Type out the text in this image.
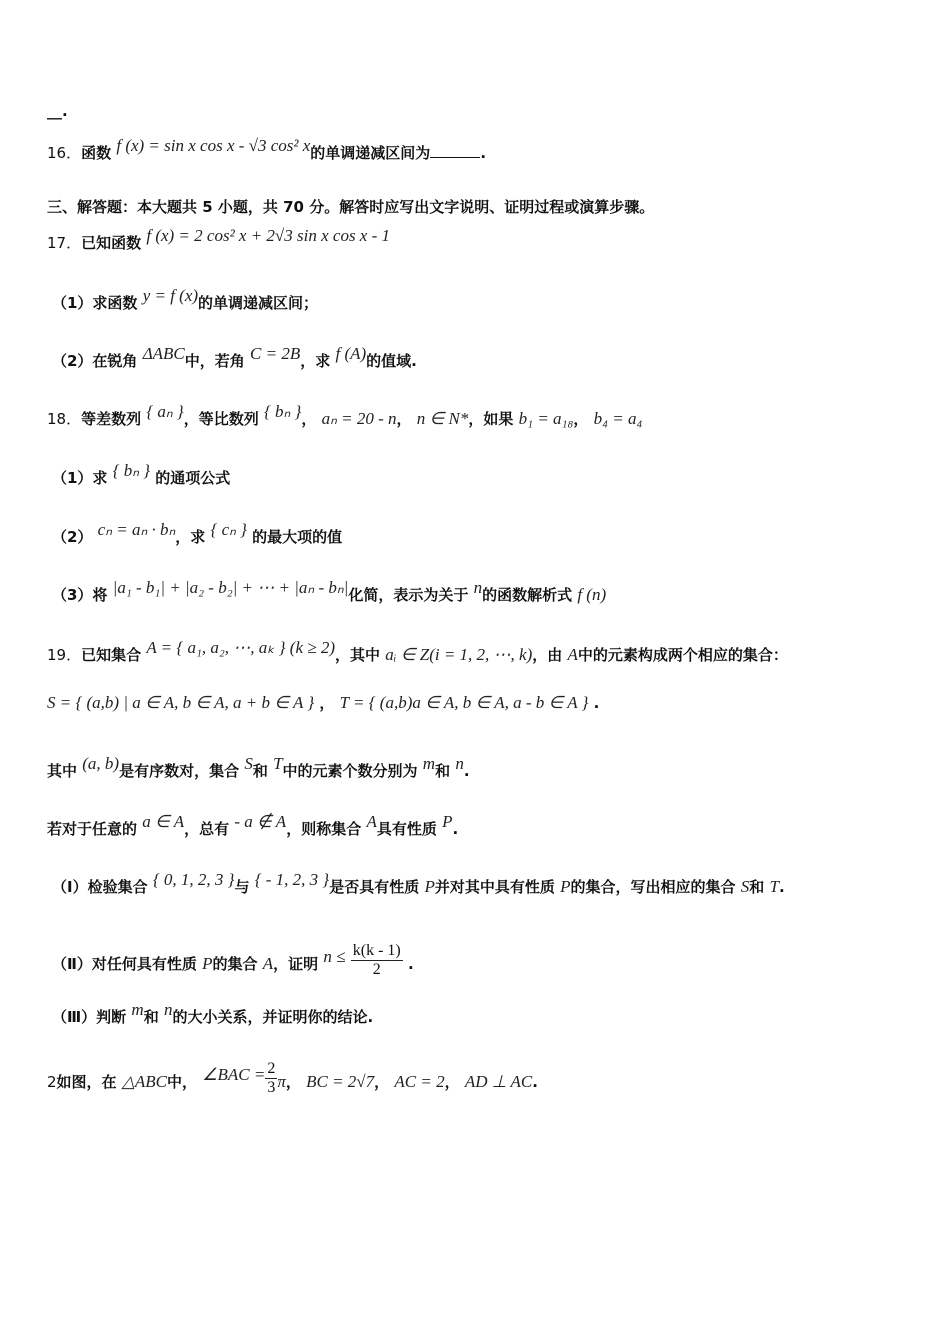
__.
16．函数 f (x) = sin x cos x - √3 cos² x的单调递减区间为	.
三、解答题：本大题共 5 小题，共 70 分。解答时应写出文字说明、证明过程或演算步骤。
17．已知函数 f (x) = 2 cos² x + 2√3 sin x cos x - 1
（1）求函数 y = f (x)的单调递减区间；
（2）在锐角 ΔABC中，若角 C = 2B，求 f (A)的值域.
18．等差数列 { aₙ }，等比数列 { bₙ }， aₙ = 20 - n， n ∈ N*，如果 b₁ = a₁₈， b₄ = a₄
（1）求 { bₙ } 的通项公式
（2） cₙ = aₙ · bₙ，求 { cₙ } 的最大项的值
（3）将 |a₁ - b₁| + |a₂ - b₂| + ⋯ + |aₙ - bₙ|化简，表示为关于 n的函数解析式 f (n)
19．已知集合 A = { a₁, a₂, ⋯, aₖ } (k ≥ 2)，其中 aᵢ ∈ Z(i = 1, 2, ⋯, k)，由 A中的元素构成两个相应的集合：
S = { (a,b) | a ∈ A, b ∈ A, a + b ∈ A } ， T = { (a,b)a ∈ A, b ∈ A, a - b ∈ A } .
其中 (a, b)是有序数对，集合 S和 T中的元素个数分别为 m和 n.
若对于任意的 a ∈ A，总有 - a ∉ A，则称集合 A具有性质 P.
（Ⅰ）检验集合 { 0, 1, 2, 3 }与 { - 1, 2, 3 }是否具有性质 P并对其中具有性质 P的集合，写出相应的集合 S和 T.
（Ⅱ）对任何具有性质 P的集合 A，证明 $n \le \frac{k(k - 1)}{2}$ .
（Ⅲ）判断 m和 n的大小关系，并证明你的结论.
2如图，在 △ABC中， ∠BAC = $\frac{2}{3}$ π， BC = 2√7， AC = 2， AD ⊥ AC.
